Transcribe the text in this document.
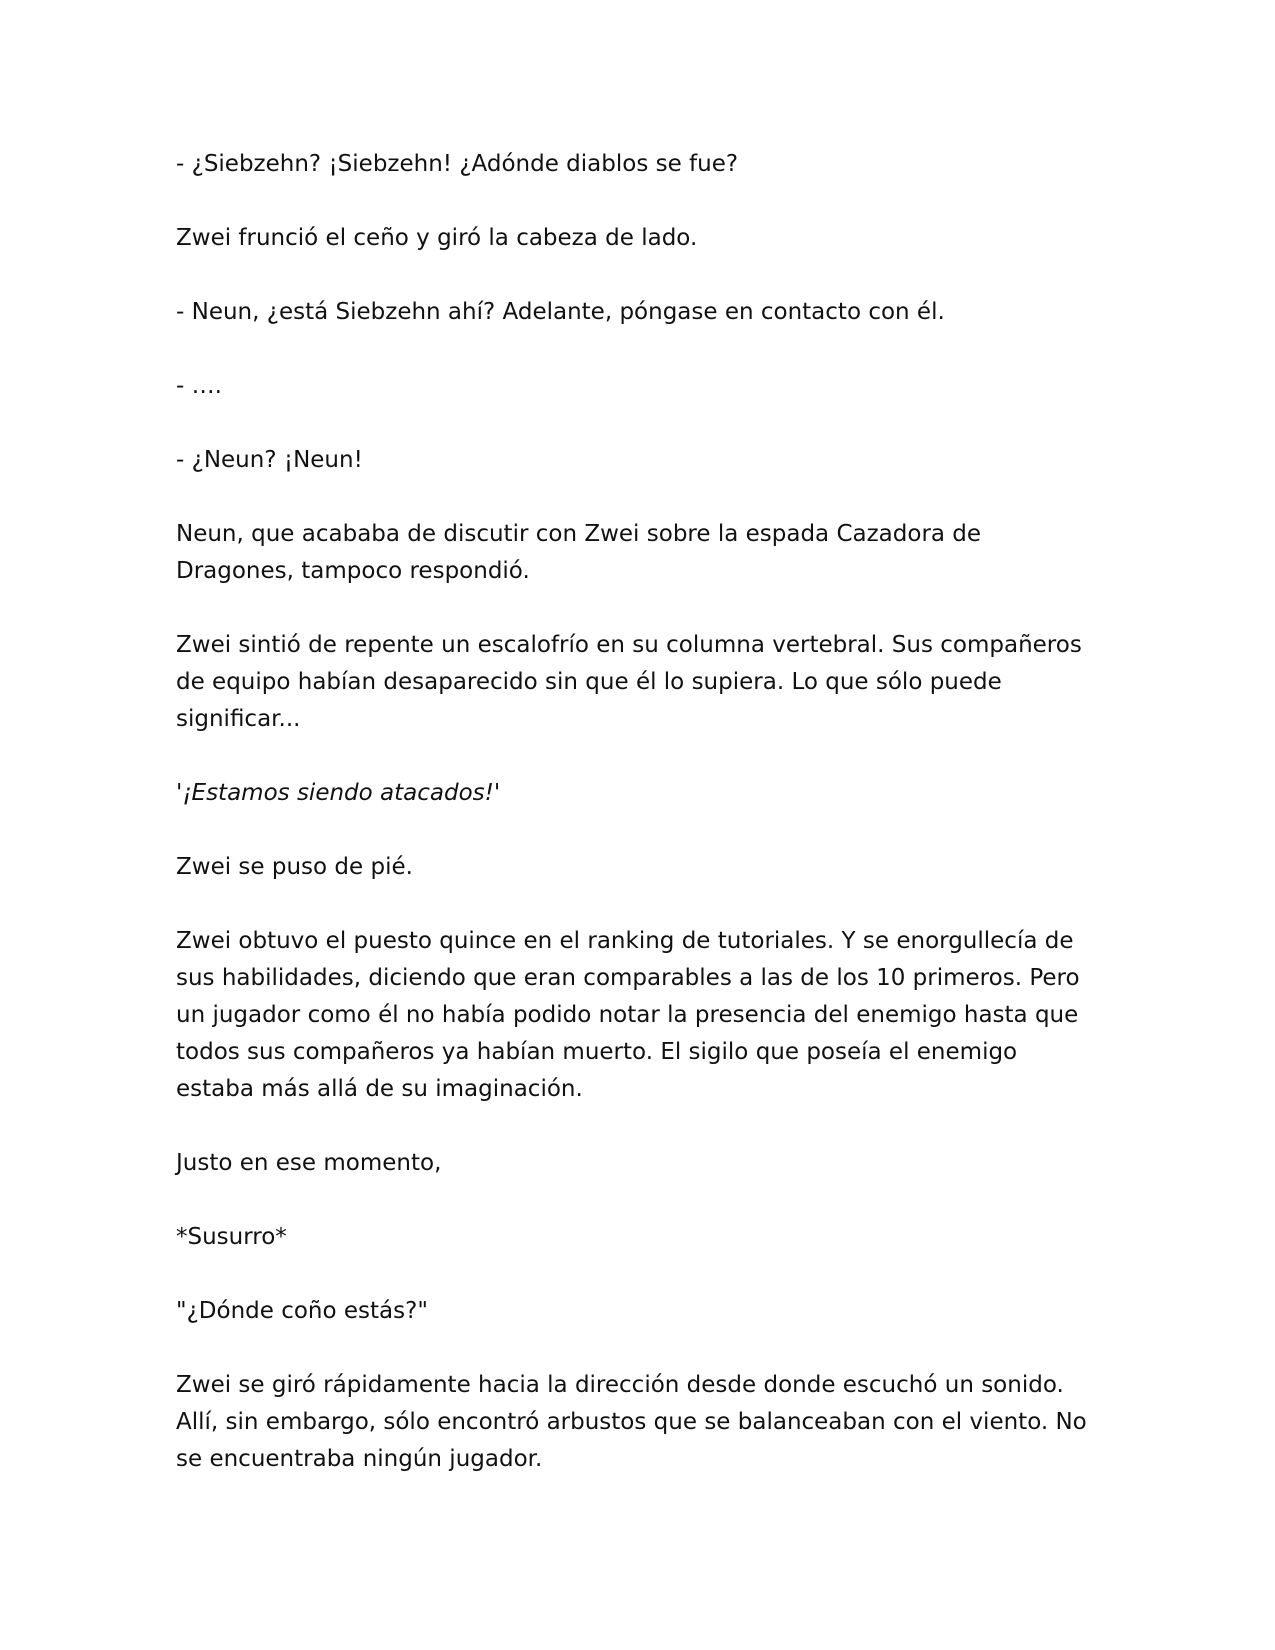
- ¿Siebzehn? ¡Siebzehn! ¿Adónde diablos se fue?

Zwei frunció el ceño y giró la cabeza de lado.

- Neun, ¿está Siebzehn ahí? Adelante, póngase en contacto con él.

- ….

- ¿Neun? ¡Neun!

Neun, que acababa de discutir con Zwei sobre la espada Cazadora de Dragones, tampoco respondió.

Zwei sintió de repente un escalofrío en su columna vertebral. Sus compañeros de equipo habían desaparecido sin que él lo supiera. Lo que sólo puede significar...

'¡Estamos siendo atacados!'

Zwei se puso de pié.

Zwei obtuvo el puesto quince en el ranking de tutoriales. Y se enorgullecía de sus habilidades, diciendo que eran comparables a las de los 10 primeros. Pero un jugador como él no había podido notar la presencia del enemigo hasta que todos sus compañeros ya habían muerto. El sigilo que poseía el enemigo estaba más allá de su imaginación.

Justo en ese momento,

*Susurro*

"¿Dónde coño estás?"

Zwei se giró rápidamente hacia la dirección desde donde escuchó un sonido. Allí, sin embargo, sólo encontró arbustos que se balanceaban con el viento. No se encuentraba ningún jugador.
